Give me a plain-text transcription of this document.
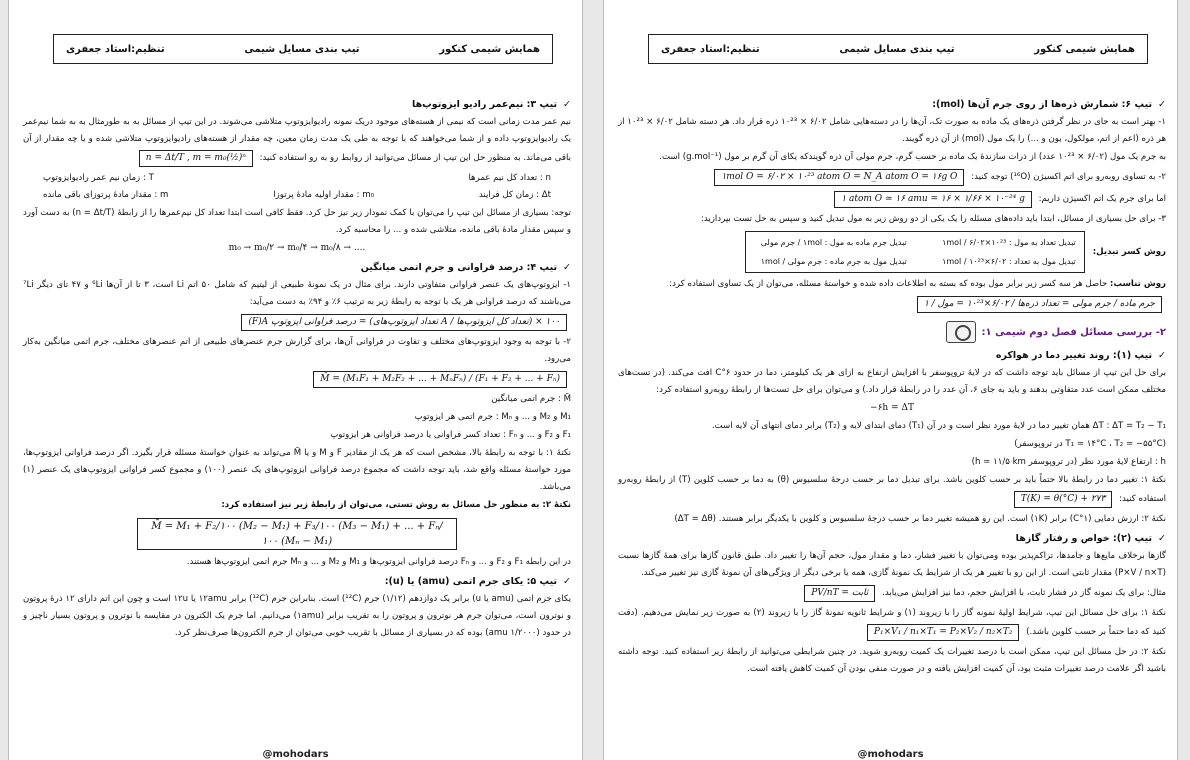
همایش شیمی کنکور
تیپ بندی مسایل شیمی
تنظیم:استاد جعفری
✓تیپ ۳: نیم‌عمر رادیو ایزوتوپ‌ها
نیم عمر مدت زمانی است که نیمی از هسته‌های موجود دریک نمونه رادیوایزوتوپ متلاشی می‌شوند. در این تیپ از مسائل به به طورمثال به به شما نیم‌عمر یک رادیوایزوتوپ داده و از شما می‌خواهند که با توجه به طی یک مدت زمان معین، چه مقدار از هسته‌های رادیوایزوتوپ متلاشی شده و یا چه مقدار از آن باقی می‌ماند. به منظور حل این تیپ از مسائل می‌توانید از روابط رو به رو استفاده کنید: n = Δt/T , m = m₀(½)ⁿ
n : تعداد کل نیم عمرها
T : زمان نیم عمر رادیوایزوتوپ
Δt : زمان کل فرایند
m₀ : مقدار اولیه مادهٔ پرتوزا
m : مقدار مادهٔ پرتوزای باقی مانده
توجه: بسیاری از مسائل این تیپ را می‌توان با کمک نمودار زیر نیز حل کرد. فقط کافی است ابتدا تعداد کل نیم‌عمرها را از رابطهٔ (n = Δt/T) به دست آورد و سپس مقدار مادهٔ باقی مانده، متلاشی شده و ... را محاسبه کرد.
m₀ → m₀/۲ → m₀/۴ → m₀/۸ → ....
✓تیپ ۴: درصد فراوانی و جرم اتمی میانگین
۱- ایزوتوپ‌های یک عنصر فراوانی متفاوتی دارند. برای مثال در یک نمونهٔ طبیعی از لیتیم که شامل ۵۰ اتم Li است، ۳ تا از آن‌ها ⁶Li و ۴۷ تای دیگر ⁷Li می‌باشند که درصد فراوانی هر یک با توجه به رابطهٔ زیر به ترتیب ۶٪ و ۹۴٪ به دست می‌آید:
(F)A درصد فراوانی ایزوتوپ = (تعداد ایزوتوپ‌های A / تعداد کل ایزوتوپ‌ها) × ۱۰۰
۲- با توجه به وجود ایزوتوپ‌های مختلف و تفاوت در فراوانی آن‌ها، برای گزارش جرم عنصرهای طبیعی از اتم عنصرهای مختلف، جرم اتمی میانگین به‌کار می‌رود.
M̄ = (M₁F₁ + M₂F₂ + ... + MₙFₙ) / (F₁ + F₂ + ... + Fₙ)
M̄ : جرم اتمی میانگین
M₁ و M₂ و ... و Mₙ : جرم اتمی هر ایزوتوپ
F₁ و F₂ و ... و Fₙ : تعداد کسر فراوانی یا درصد فراوانی هر ایزوتوپ
نکتهٔ ۱: با توجه به رابطهٔ بالا، مشخص است که هر یک از مقادیر F و M و یا M̄ می‌تواند به عنوان خواستهٔ مسئله قرار بگیرد. اگر درصد فراوانی ایزوتوپ‌ها، مورد خواستهٔ مسئله واقع شد، باید توجه داشت که مجموع درصد فراوانی ایزوتوپ‌های یک عنصر (۱۰۰) و مجموع کسر فراوانی ایزوتوپ‌های یک عنصر (۱) می‌باشد.
نکتهٔ ۲: به منظور حل مسائل به روش تستی، می‌توان از رابطهٔ زیر نیز استفاده کرد:
M̄ = M₁ + F₂/۱۰۰ (M₂ − M₁) + F₃/۱۰۰ (M₃ − M₁) + ... + Fₙ/۱۰۰ (Mₙ − M₁)
در این رابطه F₁ و F₂ و ... و Fₙ درصد فراوانی ایزوتوپ‌ها و M₁ و M₂ و ... و Mₙ جرم اتمی ایزوتوپ‌ها هستند.
✓تیپ ۵: یکای جرم اتمی (amu) یا (u):
یکای جرم اتمی (amu یا u) برابر یک دوازدهم (۱/۱۲) جرم (¹²C) است. بنابراین جرم (¹²C) برابر ۱۲amu یا ۱۲u است و چون این اتم دارای ۱۲ ذرهٔ پروتون و نوترون است، می‌توان جرم هر نوترون و پروتون را به تقریب برابر (۱amu) می‌دانیم. اما جرم یک الکترون در مقایسه با نوترون و پروتون بسیار ناچیز و در حدود (۱/۲۰۰۰ amu) بوده که در بسیاری از مسائل با تقریب خوبی می‌توان از جرم الکترون‌ها صرف‌نظر کرد.
@mohodars
همایش شیمی کنکور
تیپ بندی مسایل شیمی
تنظیم:استاد جعفری
✓تیپ ۶: شمارش ذره‌ها از روی جرم آن‌ها (mol):
۱- بهتر است به جای در نظر گرفتن ذره‌های یک ماده به صورت تک، آن‌ها را در دسته‌هایی شامل ۶/۰۲ × ۱۰²³ ذره قرار داد. هر دسته شامل ۶/۰۲ × ۱۰²³ از هر ذره (اعم از اتم، مولکول، یون و ...) را یک مول (mol) از آن ذره گویند.
به جرم یک مول (۶/۰۲ × ۱۰²³ عدد) از ذرات سازندهٔ یک ماده بر حسب گرم، جرم مولی آن ذره گویندکه یکای آن گرم بر مول (g.mol⁻¹) است.
۲- به تساوی روبه‌رو برای اتم اکسیژن (¹⁶O) توجه کنید: ۱mol O = ۶/۰۲ × ۱۰²³ atom O = N_A atom O = ۱۶g O
اما برای جرم یک اتم اکسیژن داریم: ۱ atom O ≃ ۱۶ amu = ۱۶ × ۱/۶۶ × ۱۰⁻²⁴ g
۳- برای حل بسیاری از مسائل، ابتدا باید داده‌های مسئله را یک یکی از دو روش زیر به مول تبدیل کنید و سپس به حل تست بپردازید:
روش کسر تبدیل:
تبدیل تعداد به مول : ۱mol / ۶/۰۲×۱۰²³
تبدیل جرم ماده به مول : ۱mol / جرم مولی
تبدیل مول به تعداد : ۶/۰۲×۱۰²³ / ۱mol
تبدیل مول به جرم ماده : جرم مولی / ۱mol
روش تناسب: حاصل هر سه کسر زیر برابر مول بوده که بسته به اطلاعات داده شده و خواستهٔ مسئله، می‌توان از یک تساوی استفاده کرد:
جرم ماده / جرم مولی = تعداد ذره‌ها / ۶/۰۲×۱۰²³ = مول / ۱
۲- بررسی مسائل فصل دوم شیمی ۱:
✓تیپ (۱): روند تغییر دما در هواکره
برای حل این تیپ از مسائل باید توجه داشت که در لایهٔ تروپوسفر با افزایش ارتفاع به ازای هر یک کیلومتر، دما در حدود ۶°C افت می‌کند. (در تست‌های مختلف ممکن است عدد متفاوتی بدهند و باید به جای ۶، آن عدد را در رابطهٔ قرار داد.) و می‌توان برای حل تست‌ها از رابطهٔ روبه‌رو استفاده کرد:
−۶h = ΔT
ΔT : ΔT = T₂ − T₁ همان تغییر دما در لایهٔ مورد نظر است و در آن (T₁) دمای ابتدای لایه و (T₂) برابر دمای انتهای آن لایه است.
(T₁ ≃ ۱۴°C ، T₂ ≃ −۵۵°C در تروپوسفر)
h : ارتفاع لایهٔ مورد نظر (در تروپوسفر h ≃ ۱۱/۵ km)
نکتهٔ ۱: تغییر دما در رابطهٔ بالا حتماً باید بر حسب کلوین باشد. برای تبدیل دما بر حسب درجهٔ سلسیوس (θ) به دما بر حسب کلوین (T) از رابطهٔ روبه‌رو استفاده کنید: T(K) = θ(°C) + ۲۷۳
نکتهٔ ۲: ارزش دمایی (۱°C) برابر (۱K) است. این رو همیشه تغییر دما بر حسب درجهٔ سلسیوس و کلوین با یکدیگر برابر هستند. (ΔT = Δθ)
✓تیپ (۲): خواص و رفتار گازها
گازها برخلاف مایع‌ها و جامدها، تراکم‌پذیر بوده ومی‌توان با تغییر فشار، دما و مقدار مول، حجم آن‌ها را تغییر داد. طبق قانون گازها برای همهٔ گازها نسبت (P×V / n×T) مقدار ثابتی است. از این رو با تغییر هر یک از شرایط یک نمونهٔ گازی، همه یا برخی دیگر از ویژگی‌های آن نمونهٔ گازی نیز تغییر می‌کند.
مثال: برای یک نمونه گاز در فشار ثابت، با افزایش حجم، دما نیز افزایش می‌یابد. PV/nT = ثابت
نکتهٔ ۱: برای حل مسائل این تیپ، شرایط اولیهٔ نمونه گاز را با زیروند (۱) و شرایط ثانویه نمونهٔ گاز را با زیروند (۲) به صورت زیر نمایش می‌دهیم. (دقت کنید که دما حتماً بر حسب کلوین باشد.) P₁×V₁ / n₁×T₁ = P₂×V₂ / n₂×T₂
نکتهٔ ۲: در حل مسائل این تیپ، ممکن است با درصد تغییرات یک کمیت روبه‌رو شوید. در چنین شرایطی می‌توانید از رابطهٔ زیر استفاده کنید. توجه داشته باشید اگر علامت درصد تغییرات مثبت بود، آن کمیت افزایش یافته و در صورت منفی بودن آن کمیت کاهش یافته است.
@mohodars
